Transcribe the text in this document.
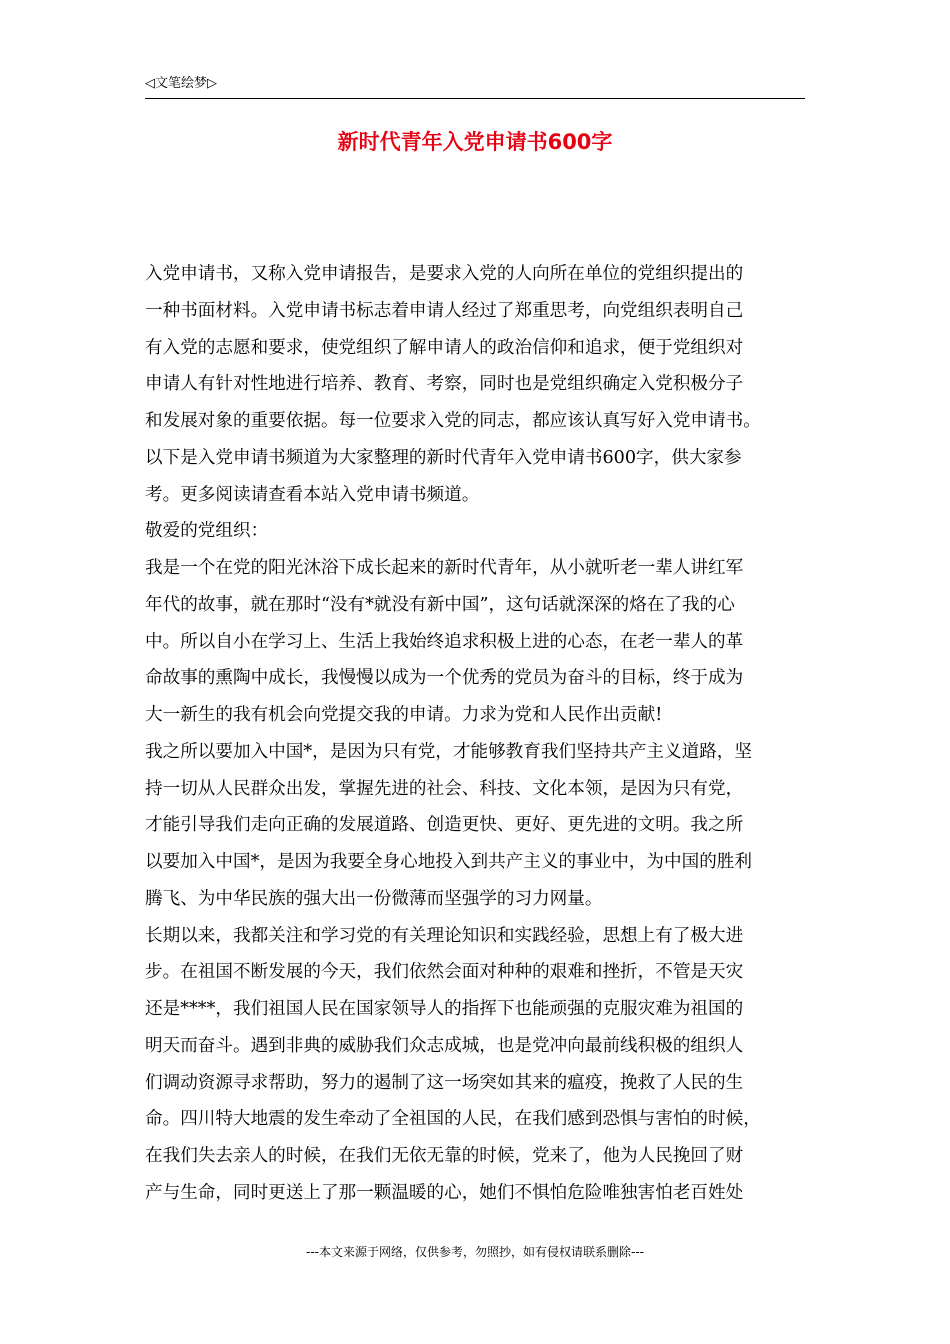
◁文笔绘梦▷
新时代青年入党申请书600字
入党申请书，又称入党申请报告，是要求入党的人向所在单位的党组织提出的
一种书面材料。入党申请书标志着申请人经过了郑重思考，向党组织表明自己
有入党的志愿和要求，使党组织了解申请人的政治信仰和追求，便于党组织对
申请人有针对性地进行培养、教育、考察，同时也是党组织确定入党积极分子
和发展对象的重要依据。每一位要求入党的同志，都应该认真写好入党申请书。
以下是入党申请书频道为大家整理的新时代青年入党申请书600字，供大家参
考。更多阅读请查看本站入党申请书频道。
敬爱的党组织：
我是一个在党的阳光沐浴下成长起来的新时代青年，从小就听老一辈人讲红军
年代的故事，就在那时“没有*就没有新中国”，这句话就深深的烙在了我的心
中。所以自小在学习上、生活上我始终追求积极上进的心态，在老一辈人的革
命故事的熏陶中成长，我慢慢以成为一个优秀的党员为奋斗的目标，终于成为
大一新生的我有机会向党提交我的申请。力求为党和人民作出贡献!
我之所以要加入中国*，是因为只有党，才能够教育我们坚持共产主义道路，坚
持一切从人民群众出发，掌握先进的社会、科技、文化本领，是因为只有党，
才能引导我们走向正确的发展道路、创造更快、更好、更先进的文明。我之所
以要加入中国*，是因为我要全身心地投入到共产主义的事业中，为中国的胜利
腾飞、为中华民族的强大出一份微薄而坚强学的习力网量。
长期以来，我都关注和学习党的有关理论知识和实践经验，思想上有了极大进
步。在祖国不断发展的今天，我们依然会面对种种的艰难和挫折，不管是天灾
还是****，我们祖国人民在国家领导人的指挥下也能顽强的克服灾难为祖国的
明天而奋斗。遇到非典的威胁我们众志成城，也是党冲向最前线积极的组织人
们调动资源寻求帮助，努力的遏制了这一场突如其来的瘟疫，挽救了人民的生
命。四川特大地震的发生牵动了全祖国的人民，在我们感到恐惧与害怕的时候，
在我们失去亲人的时候，在我们无依无靠的时候，党来了，他为人民挽回了财
产与生命，同时更送上了那一颗温暖的心，她们不惧怕危险唯独害怕老百姓处
---本文来源于网络，仅供参考，勿照抄，如有侵权请联系删除---
